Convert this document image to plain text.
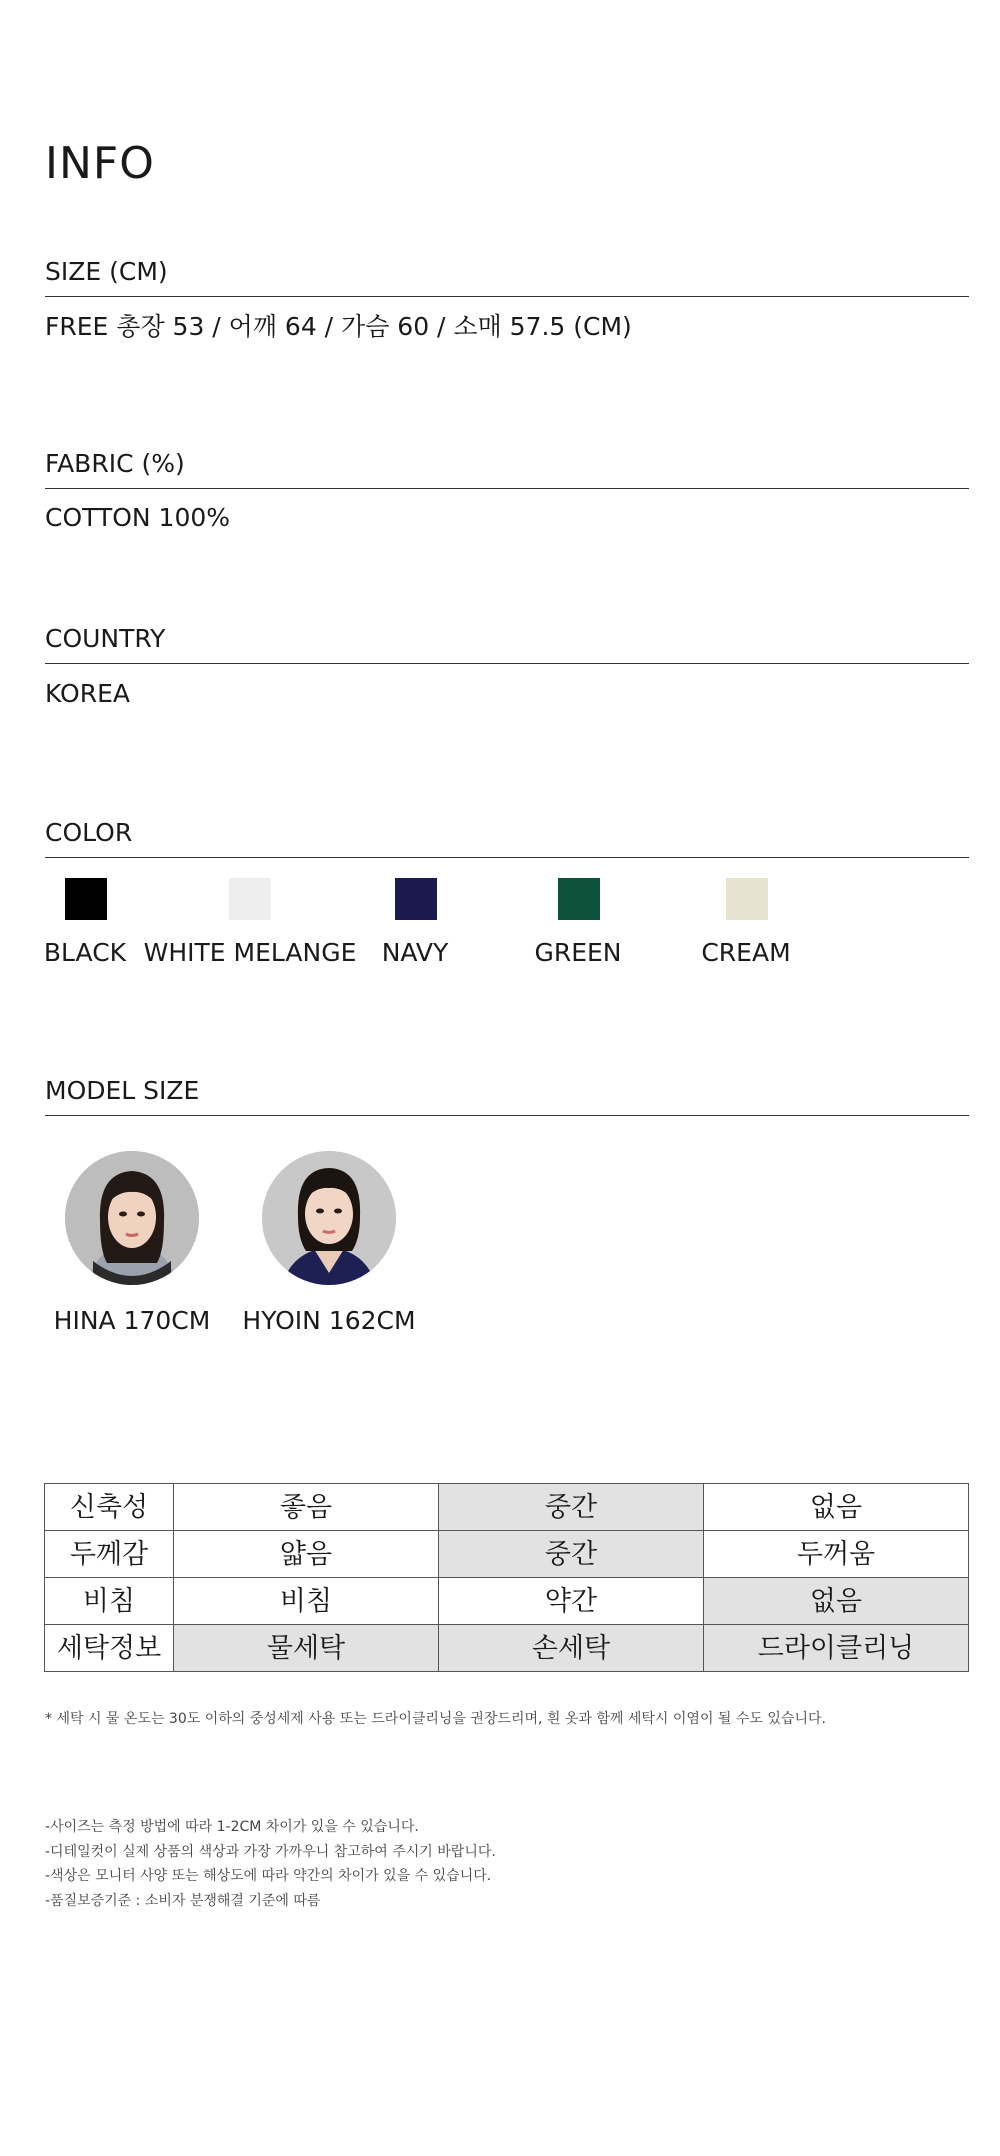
INFO
SIZE (CM)
FREE 총장 53 / 어깨 64 / 가슴 60 / 소매 57.5 (CM)
FABRIC (%)
COTTON 100%
COUNTRY
KOREA
COLOR
BLACK WHITE MELANGE	NAVY	GREEN	CREAM
MODEL SIZE
HINA 170CM	HYOIN 162CM
신축성	좋음	중간	없음
두께감	얇음	중간	두꺼움
비침	비침	약간	없음
세탁정보	물세탁	손세탁	드라이클리닝
* 세탁 시 물 온도는 30도 이하의 중성세제 사용 또는 드라이클리닝을 권장드리며, 흰 옷과 함께 세탁시 이염이 될 수도 있습니다.
-사이즈는 측정 방법에 따라 1-2CM 차이가 있을 수 있습니다.
-디테일컷이 실제 상품의 색상과 가장 가까우니 참고하여 주시기 바랍니다.
-색상은 모니터 사양 또는 해상도에 따라 약간의 차이가 있을 수 있습니다.
-품질보증기준 : 소비자 분쟁해결 기준에 따름
